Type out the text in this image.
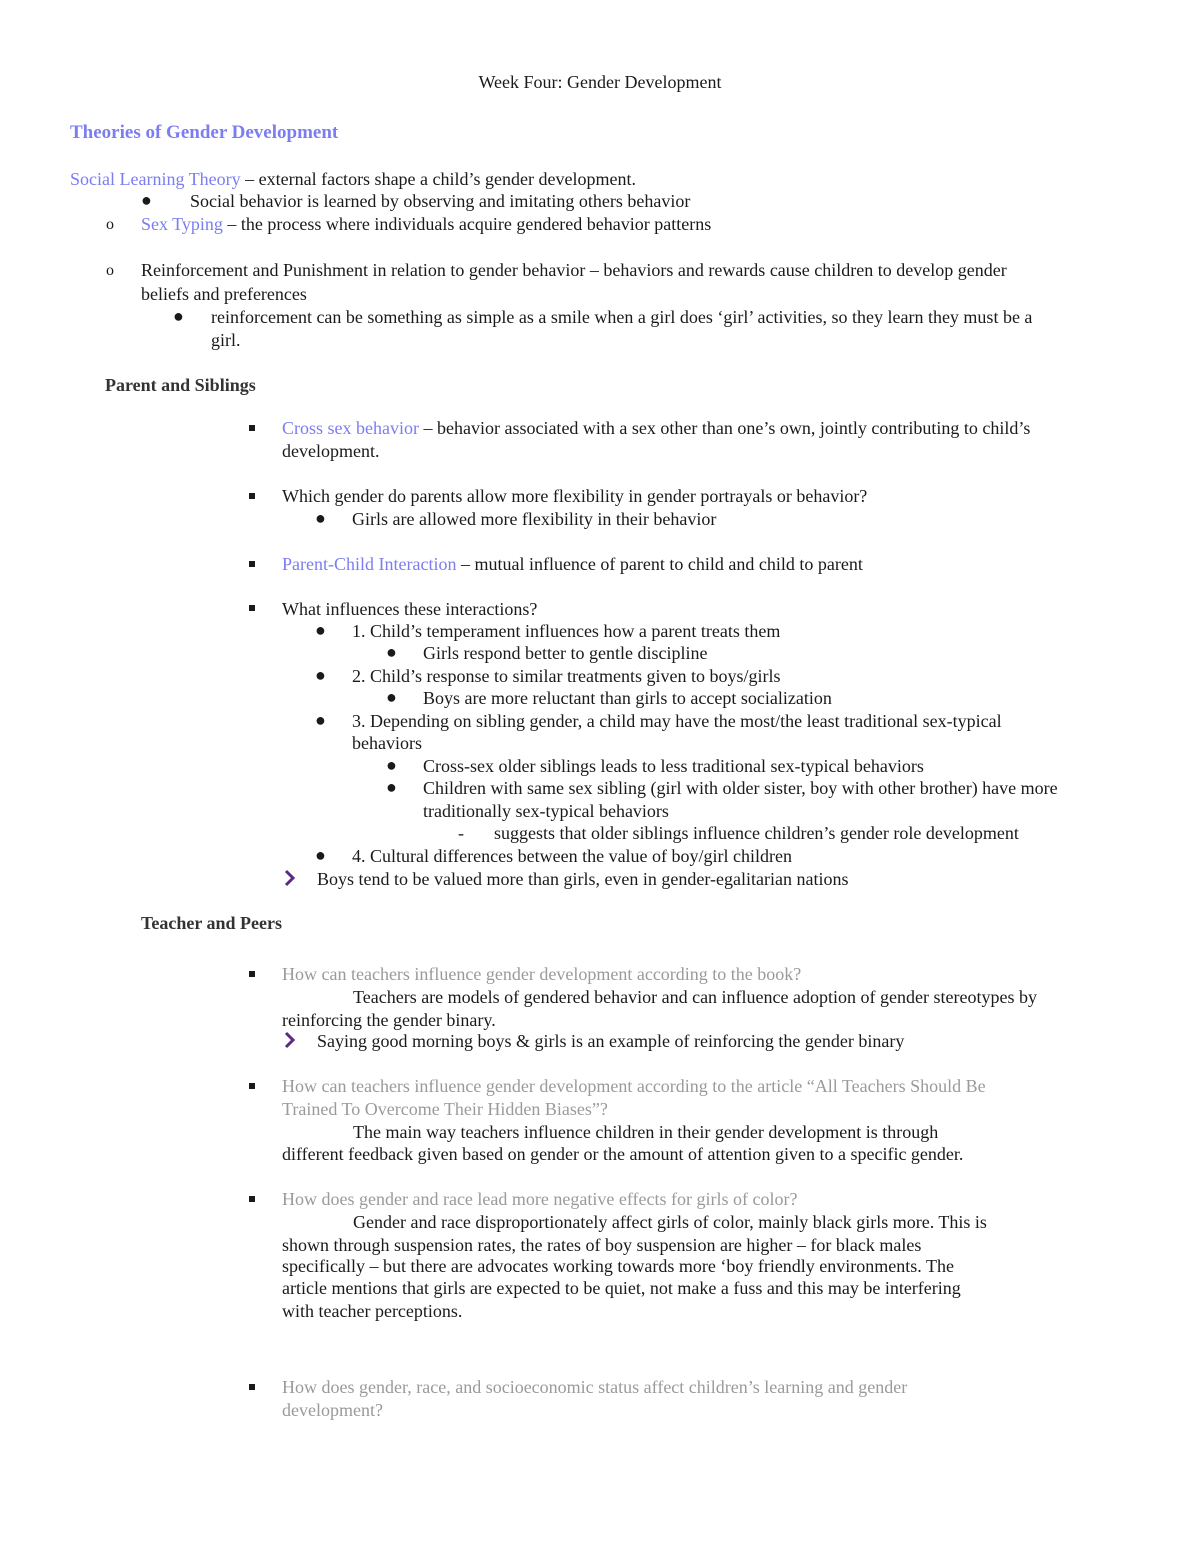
Week Four: Gender Development
Theories of Gender Development
Social Learning Theory – external factors shape a child’s gender development.
● Social behavior is learned by observing and imitating others behavior
o Sex Typing – the process where individuals acquire gendered behavior patterns
o Reinforcement and Punishment in relation to gender behavior – behaviors and rewards cause children to develop gender
beliefs and preferences
● reinforcement can be something as simple as a smile when a girl does ‘girl’ activities, so they learn they must be a
girl.
Parent and Siblings
Cross sex behavior – behavior associated with a sex other than one’s own, jointly contributing to child’s
development.
Which gender do parents allow more flexibility in gender portrayals or behavior?
● Girls are allowed more flexibility in their behavior
Parent-Child Interaction – mutual influence of parent to child and child to parent
What influences these interactions?
● 1. Child’s temperament influences how a parent treats them
● Girls respond better to gentle discipline
● 2. Child’s response to similar treatments given to boys/girls
● Boys are more reluctant than girls to accept socialization
● 3. Depending on sibling gender, a child may have the most/the least traditional sex-typical
behaviors
● Cross-sex older siblings leads to less traditional sex-typical behaviors
● Children with same sex sibling (girl with older sister, boy with other brother) have more
traditionally sex-typical behaviors
- suggests that older siblings influence children’s gender role development
● 4. Cultural differences between the value of boy/girl children
Boys tend to be valued more than girls, even in gender-egalitarian nations
Teacher and Peers
How can teachers influence gender development according to the book?
Teachers are models of gendered behavior and can influence adoption of gender stereotypes by
reinforcing the gender binary.
Saying good morning boys & girls is an example of reinforcing the gender binary
How can teachers influence gender development according to the article “All Teachers Should Be
Trained To Overcome Their Hidden Biases”?
The main way teachers influence children in their gender development is through
different feedback given based on gender or the amount of attention given to a specific gender.
How does gender and race lead more negative effects for girls of color?
Gender and race disproportionately affect girls of color, mainly black girls more. This is
shown through suspension rates, the rates of boy suspension are higher – for black males
specifically – but there are advocates working towards more ‘boy friendly environments. The
article mentions that girls are expected to be quiet, not make a fuss and this may be interfering
with teacher perceptions.
How does gender, race, and socioeconomic status affect children’s learning and gender
development?
